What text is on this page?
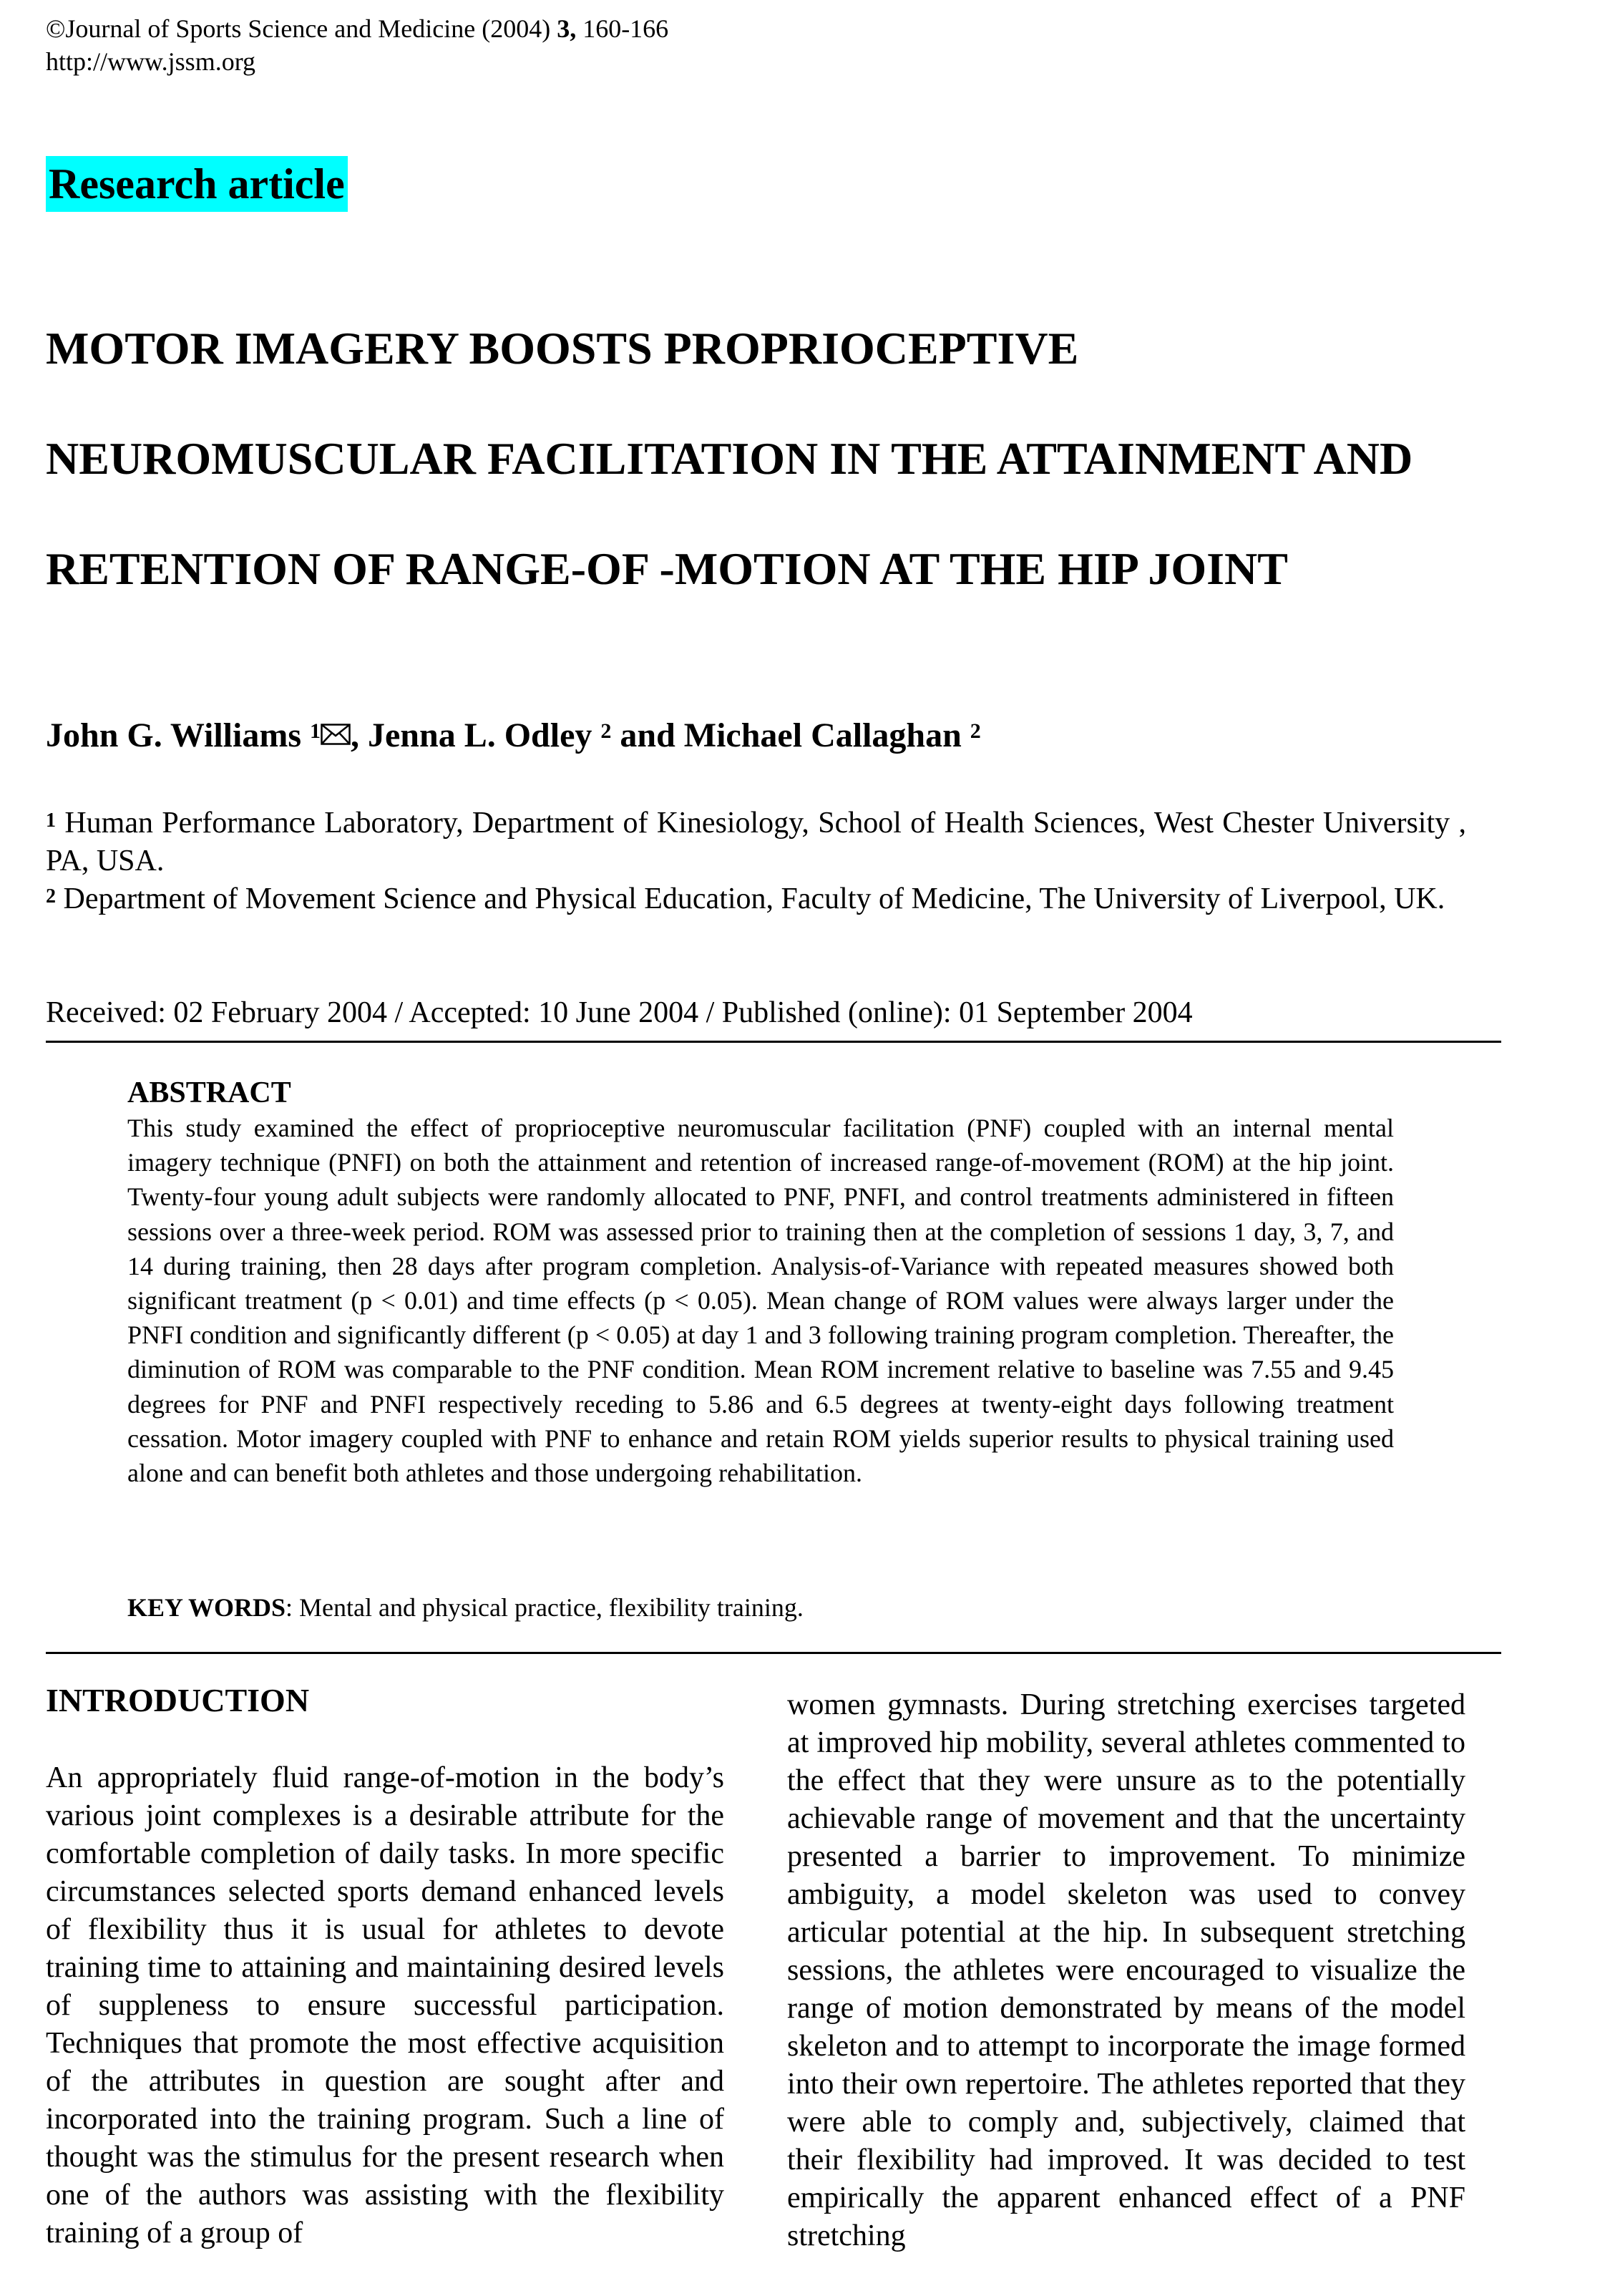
©Journal of Sports Science and Medicine (2004) 3, 160-166
http://www.jssm.org
Research article
MOTOR IMAGERY BOOSTS PROPRIOCEPTIVE
NEUROMUSCULAR FACILITATION IN THE ATTAINMENT AND
RETENTION OF RANGE-OF -MOTION AT THE HIP JOINT
John G. Williams $^1$ , Jenna L. Odley $^2$ and Michael Callaghan $^2$
$^1$ Human Performance Laboratory, Department of Kinesiology, School of Health Sciences, West Chester University , PA, USA.
$^2$ Department of Movement Science and Physical Education, Faculty of Medicine, The University of Liverpool, UK.
Received: 02 February 2004 / Accepted: 10 June 2004 / Published (online): 01 September 2004
ABSTRACT

This study examined the effect of proprioceptive neuromuscular facilitation (PNF) coupled with an internal mental imagery technique (PNFI) on both the attainment and retention of increased range-of-movement (ROM) at the hip joint. Twenty-four young adult subjects were randomly allocated to PNF, PNFI, and control treatments administered in fifteen sessions over a three-week period. ROM was assessed prior to training then at the completion of sessions 1 day, 3, 7, and 14 during training, then 28 days after program completion. Analysis-of-Variance with repeated measures showed both significant treatment (p < 0.01) and time effects (p < 0.05). Mean change of ROM values were always larger under the PNFI condition and significantly different (p < 0.05) at day 1 and 3 following training program completion. Thereafter, the diminution of ROM was comparable to the PNF condition. Mean ROM increment relative to baseline was 7.55 and 9.45 degrees for PNF and PNFI respectively receding to 5.86 and 6.5 degrees at twenty-eight days following treatment cessation. Motor imagery coupled with PNF to enhance and retain ROM yields superior results to physical training used alone and can benefit both athletes and those undergoing rehabilitation.

KEY WORDS: Mental and physical practice, flexibility training.
INTRODUCTION

An appropriately fluid range-of-motion in the body’s various joint complexes is a desirable attribute for the comfortable completion of daily tasks. In more specific circumstances selected sports demand enhanced levels of flexibility thus it is usual for athletes to devote training time to attaining and maintaining desired levels of suppleness to ensure successful participation. Techniques that promote the most effective acquisition of the attributes in question are sought after and incorporated into the training program. Such a line of thought was the stimulus for the present research when one of the authors was assisting with the flexibility training of a group of

women gymnasts. During stretching exercises targeted at improved hip mobility, several athletes commented to the effect that they were unsure as to the potentially achievable range of movement and that the uncertainty presented a barrier to improvement. To minimize ambiguity, a model skeleton was used to convey articular potential at the hip. In subsequent stretching sessions, the athletes were encouraged to visualize the range of motion demonstrated by means of the model skeleton and to attempt to incorporate the image formed into their own repertoire. The athletes reported that they were able to comply and, subjectively, claimed that their flexibility had improved. It was decided to test empirically the apparent enhanced effect of a PNF stretching
